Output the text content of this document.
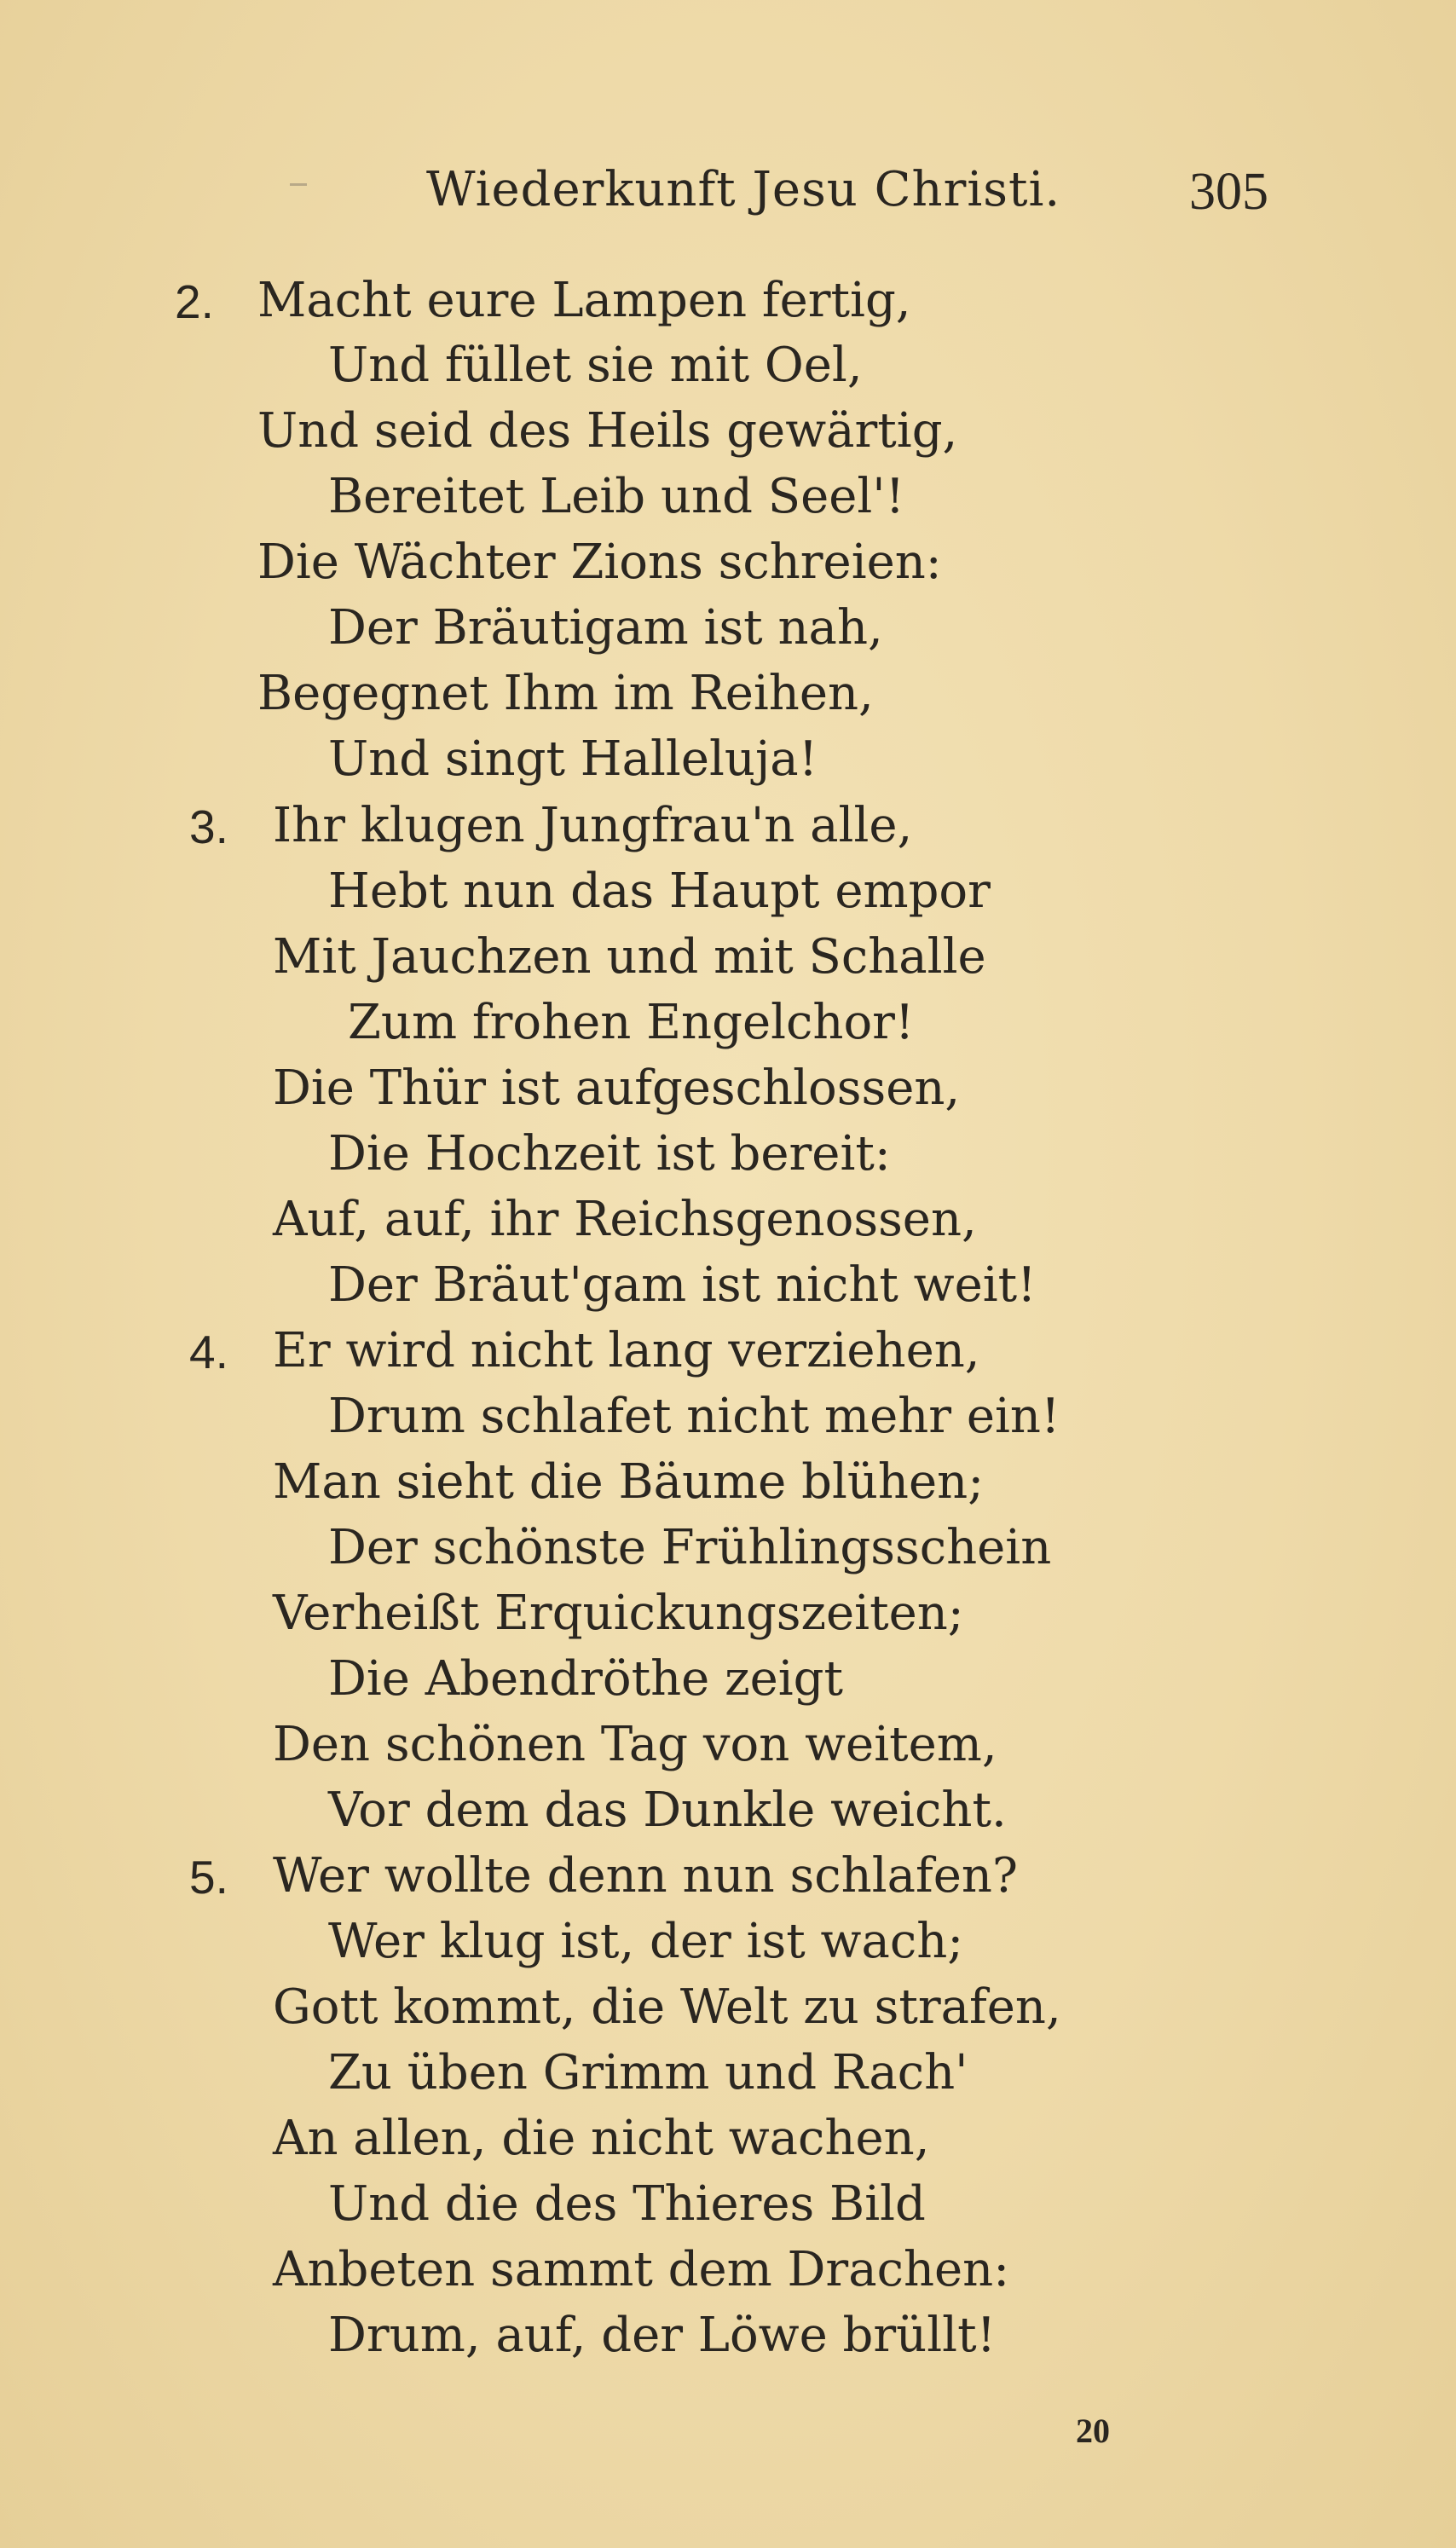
Wiederkunft Jesu Christi. 305
2. Macht eure Lampen fertig,
Und füllet sie mit Oel,
Und seid des Heils gewärtig,
Bereitet Leib und Seel'!
Die Wächter Zions schreien:
Der Bräutigam ist nah,
Begegnet Ihm im Reihen,
Und singt Halleluja!
3. Ihr klugen Jungfrau'n alle,
Hebt nun das Haupt empor
Mit Jauchzen und mit Schalle
Zum frohen Engelchor!
Die Thür ist aufgeschlossen,
Die Hochzeit ist bereit:
Auf, auf, ihr Reichsgenossen,
Der Bräut'gam ist nicht weit!
4. Er wird nicht lang verziehen,
Drum schlafet nicht mehr ein!
Man sieht die Bäume blühen;
Der schönste Frühlingsschein
Verheißt Erquickungszeiten;
Die Abendröthe zeigt
Den schönen Tag von weitem,
Vor dem das Dunkle weicht.
5. Wer wollte denn nun schlafen?
Wer klug ist, der ist wach;
Gott kommt, die Welt zu strafen,
Zu üben Grimm und Rach'
An allen, die nicht wachen,
Und die des Thieres Bild
Anbeten sammt dem Drachen:
Drum, auf, der Löwe brüllt!
20
